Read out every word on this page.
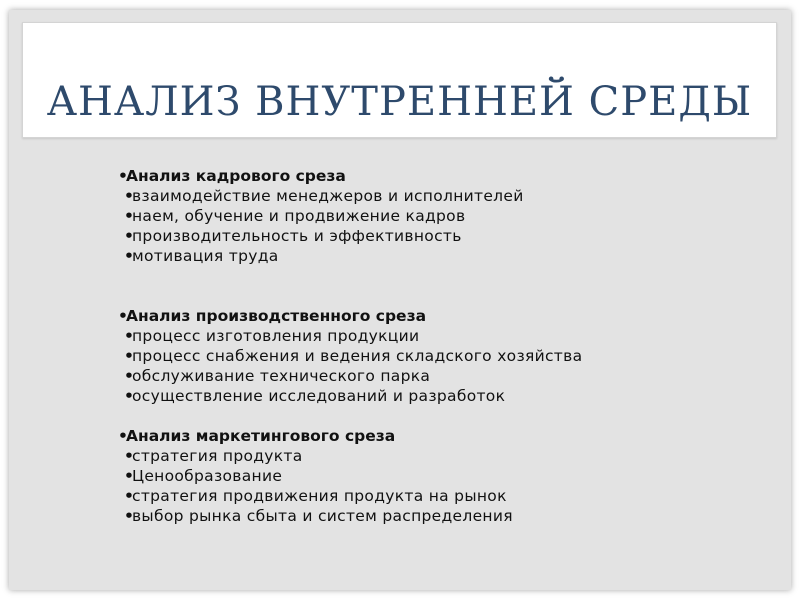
АНАЛИЗ ВНУТРЕННЕЙ СРЕДЫ
•Анализ кадрового среза
•взаимодействие менеджеров и исполнителей
•наем, обучение и продвижение кадров
•производительность и эффективность
•мотивация труда
•Анализ производственного среза
•процесс изготовления продукции
•процесс снабжения и ведения складского хозяйства
•обслуживание технического парка
•осуществление исследований и разработок
•Анализ маркетингового среза
•стратегия продукта
•Ценообразование
•стратегия продвижения продукта на рынок
•выбор рынка сбыта и систем распределения
